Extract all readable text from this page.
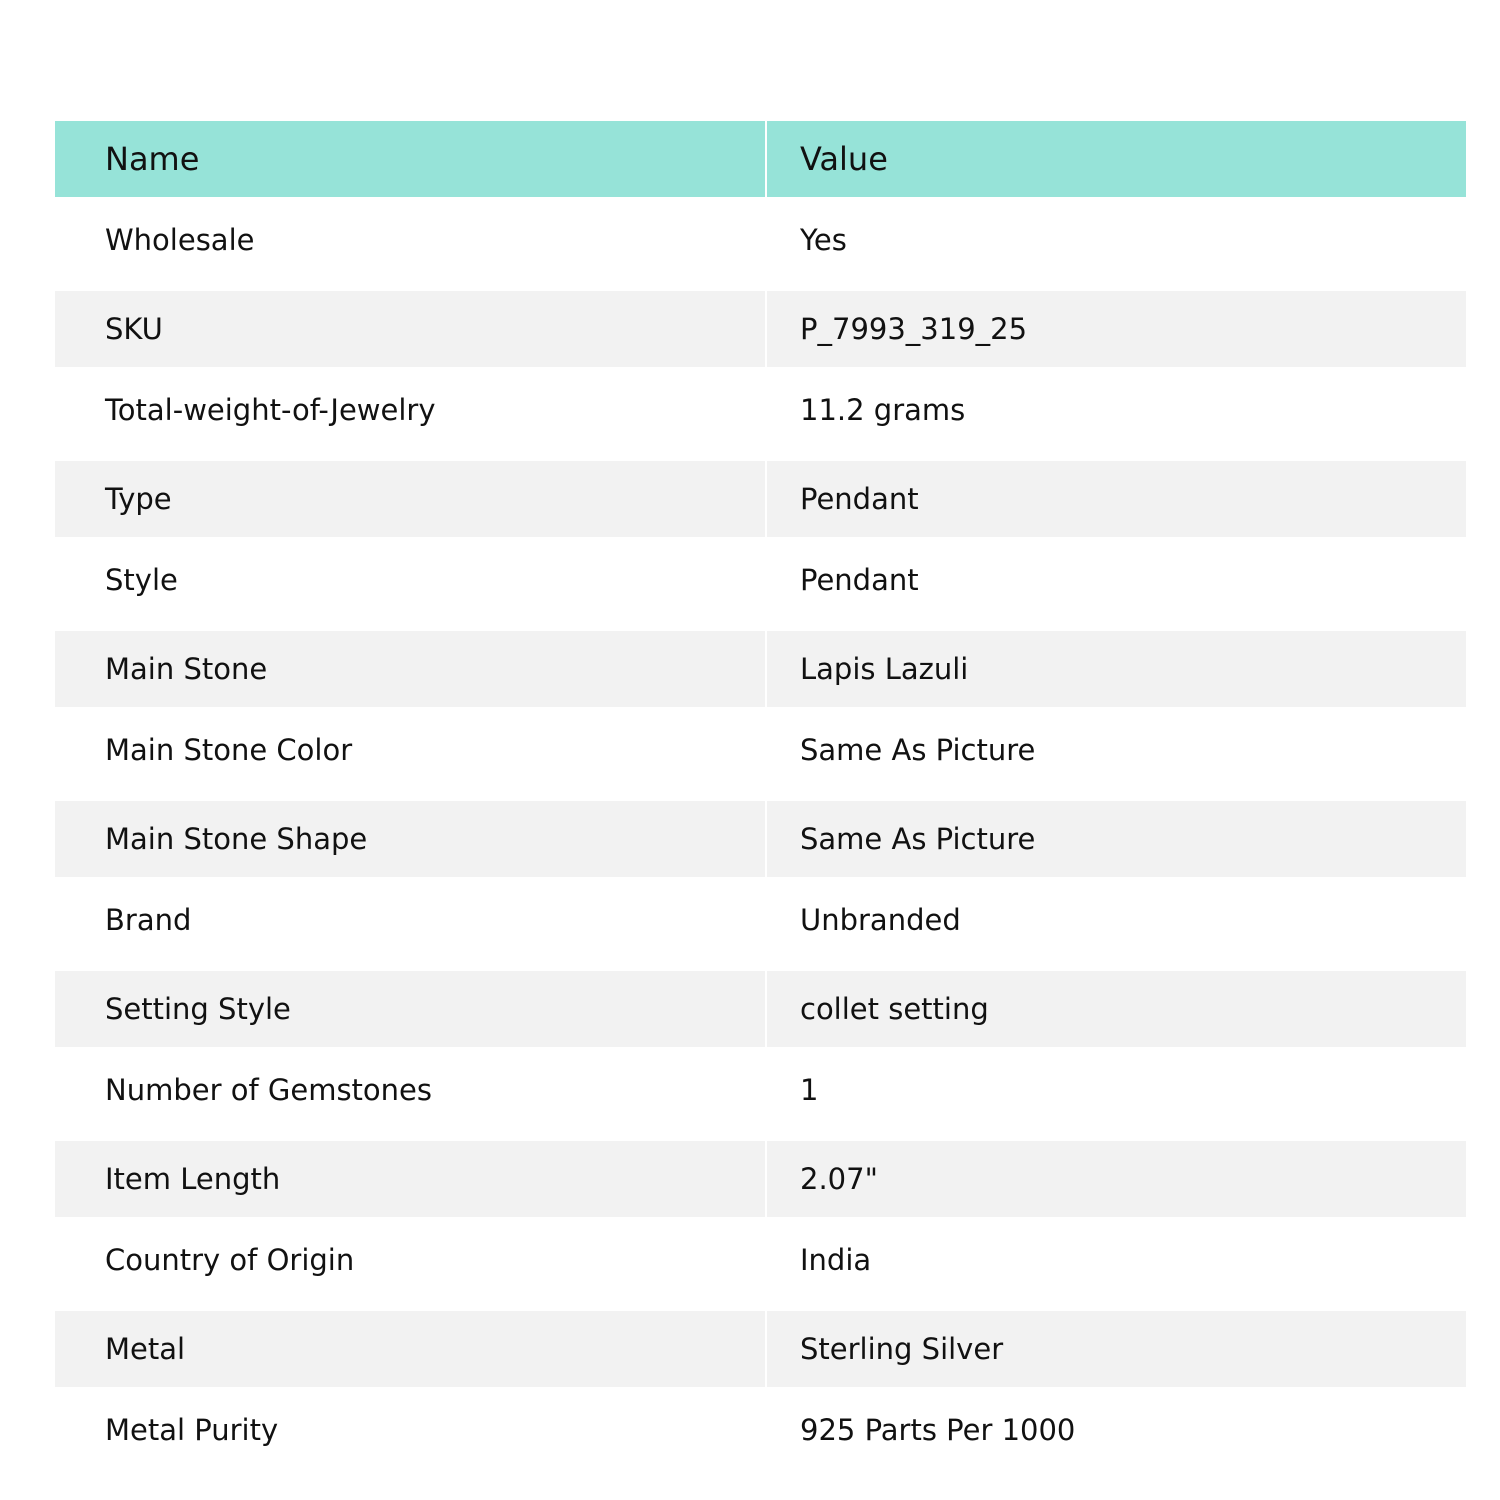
Name	Value
Wholesale	Yes
SKU	P_7993_319_25
Total-weight-of-Jewelry	11.2 grams
Type	Pendant
Style	Pendant
Main Stone	Lapis Lazuli
Main Stone Color	Same As Picture
Main Stone Shape	Same As Picture
Brand	Unbranded
Setting Style	collet setting
Number of Gemstones	1
Item Length	2.07"
Country of Origin	India
Metal	Sterling Silver
Metal Purity	925 Parts Per 1000
